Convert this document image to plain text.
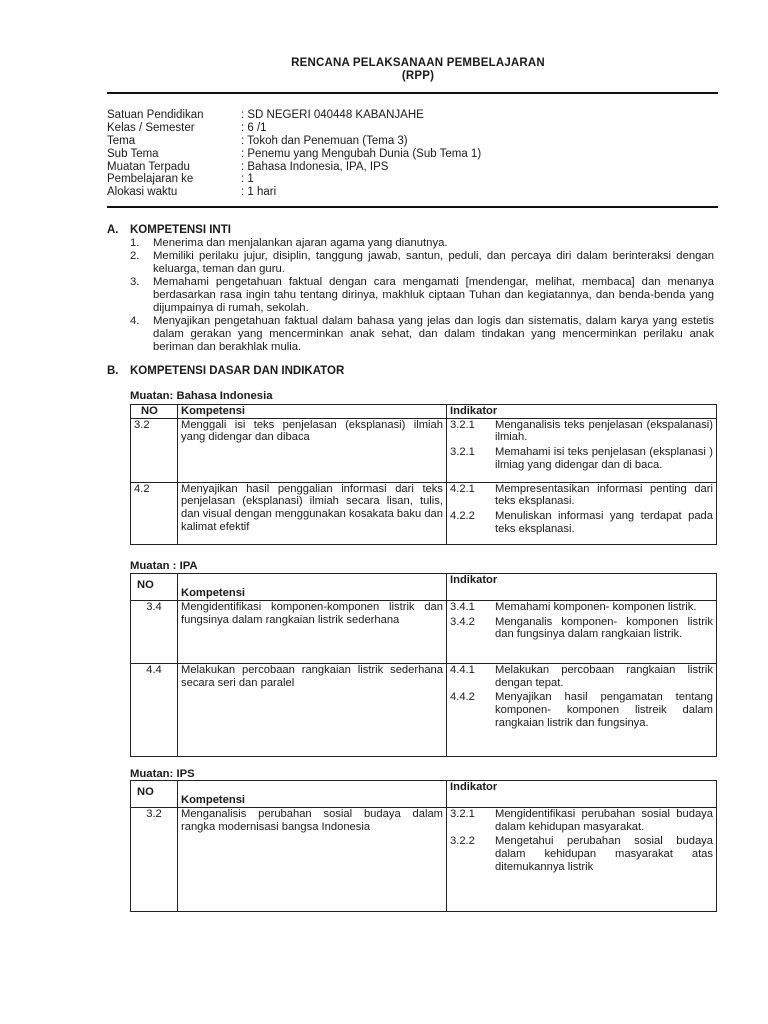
RENCANA PELAKSANAAN PEMBELAJARAN
(RPP)
Satuan Pendidikan	: SD NEGERI 040448 KABANJAHE
Kelas / Semester	: 6 /1
Tema	: Tokoh dan Penemuan (Tema 3)
Sub Tema	: Penemu yang Mengubah Dunia (Sub Tema 1)
Muatan Terpadu	: Bahasa Indonesia, IPA, IPS
Pembelajaran ke	: 1
Alokasi waktu	: 1 hari
A. KOMPETENSI INTI
1.	Menerima dan menjalankan ajaran agama yang dianutnya.
2.	Memiliki perilaku jujur, disiplin, tanggung jawab, santun, peduli, dan percaya diri dalam berinteraksi dengan keluarga, teman dan guru.
3.	Memahami pengetahuan faktual dengan cara mengamati [mendengar, melihat, membaca] dan menanya berdasarkan rasa ingin tahu tentang dirinya, makhluk ciptaan Tuhan dan kegiatannya, dan benda-benda yang dijumpainya di rumah, sekolah.
4.	Menyajikan pengetahuan faktual dalam bahasa yang jelas dan logis dan sistematis, dalam karya yang estetis dalam gerakan yang mencerminkan anak sehat, dan dalam tindakan yang mencerminkan perilaku anak beriman dan berakhlak mulia.
B. KOMPETENSI DASAR DAN INDIKATOR
Muatan: Bahasa Indonesia
NO	Kompetensi	Indikator
3.2	Menggali isi teks penjelasan (eksplanasi) ilmiah yang didengar dan dibaca	3.2.1 Menganalisis teks penjelasan (ekspalanasi) ilmiah.
3.2.1 Memahami isi teks penjelasan (eksplanasi ) ilmiag yang didengar dan di baca.

4.2	Menyajikan hasil penggalian informasi dari teks penjelasan (eksplanasi) ilmiah secara lisan, tulis, dan visual dengan menggunakan kosakata baku dan kalimat efektif	4.2.1 Mempresentasikan informasi penting dari teks eksplanasi.
4.2.2 Menuliskan informasi yang terdapat pada teks eksplanasi.
Muatan : IPA
NO	Kompetensi	Indikator
3.4	Mengidentifikasi komponen-komponen listrik dan fungsinya dalam rangkaian listrik sederhana	3.4.1 Memahami komponen- komponen listrik.
3.4.2 Menganalis komponen- komponen listrik dan fungsinya dalam rangkaian listrik.

4.4	Melakukan percobaan rangkaian listrik sederhana secara seri dan paralel	4.4.1 Melakukan percobaan rangkaian listrik dengan tepat.
4.4.2 Menyajikan hasil pengamatan tentang komponen- komponen listreik dalam rangkaian listrik dan fungsinya.
Muatan: IPS
NO	Kompetensi	Indikator
3.2	Menganalisis perubahan sosial budaya dalam rangka modernisasi bangsa Indonesia	3.2.1 Mengidentifikasi perubahan sosial budaya dalam kehidupan masyarakat.
3.2.2 Mengetahui perubahan sosial budaya dalam kehidupan masyarakat atas ditemukannya listrik
